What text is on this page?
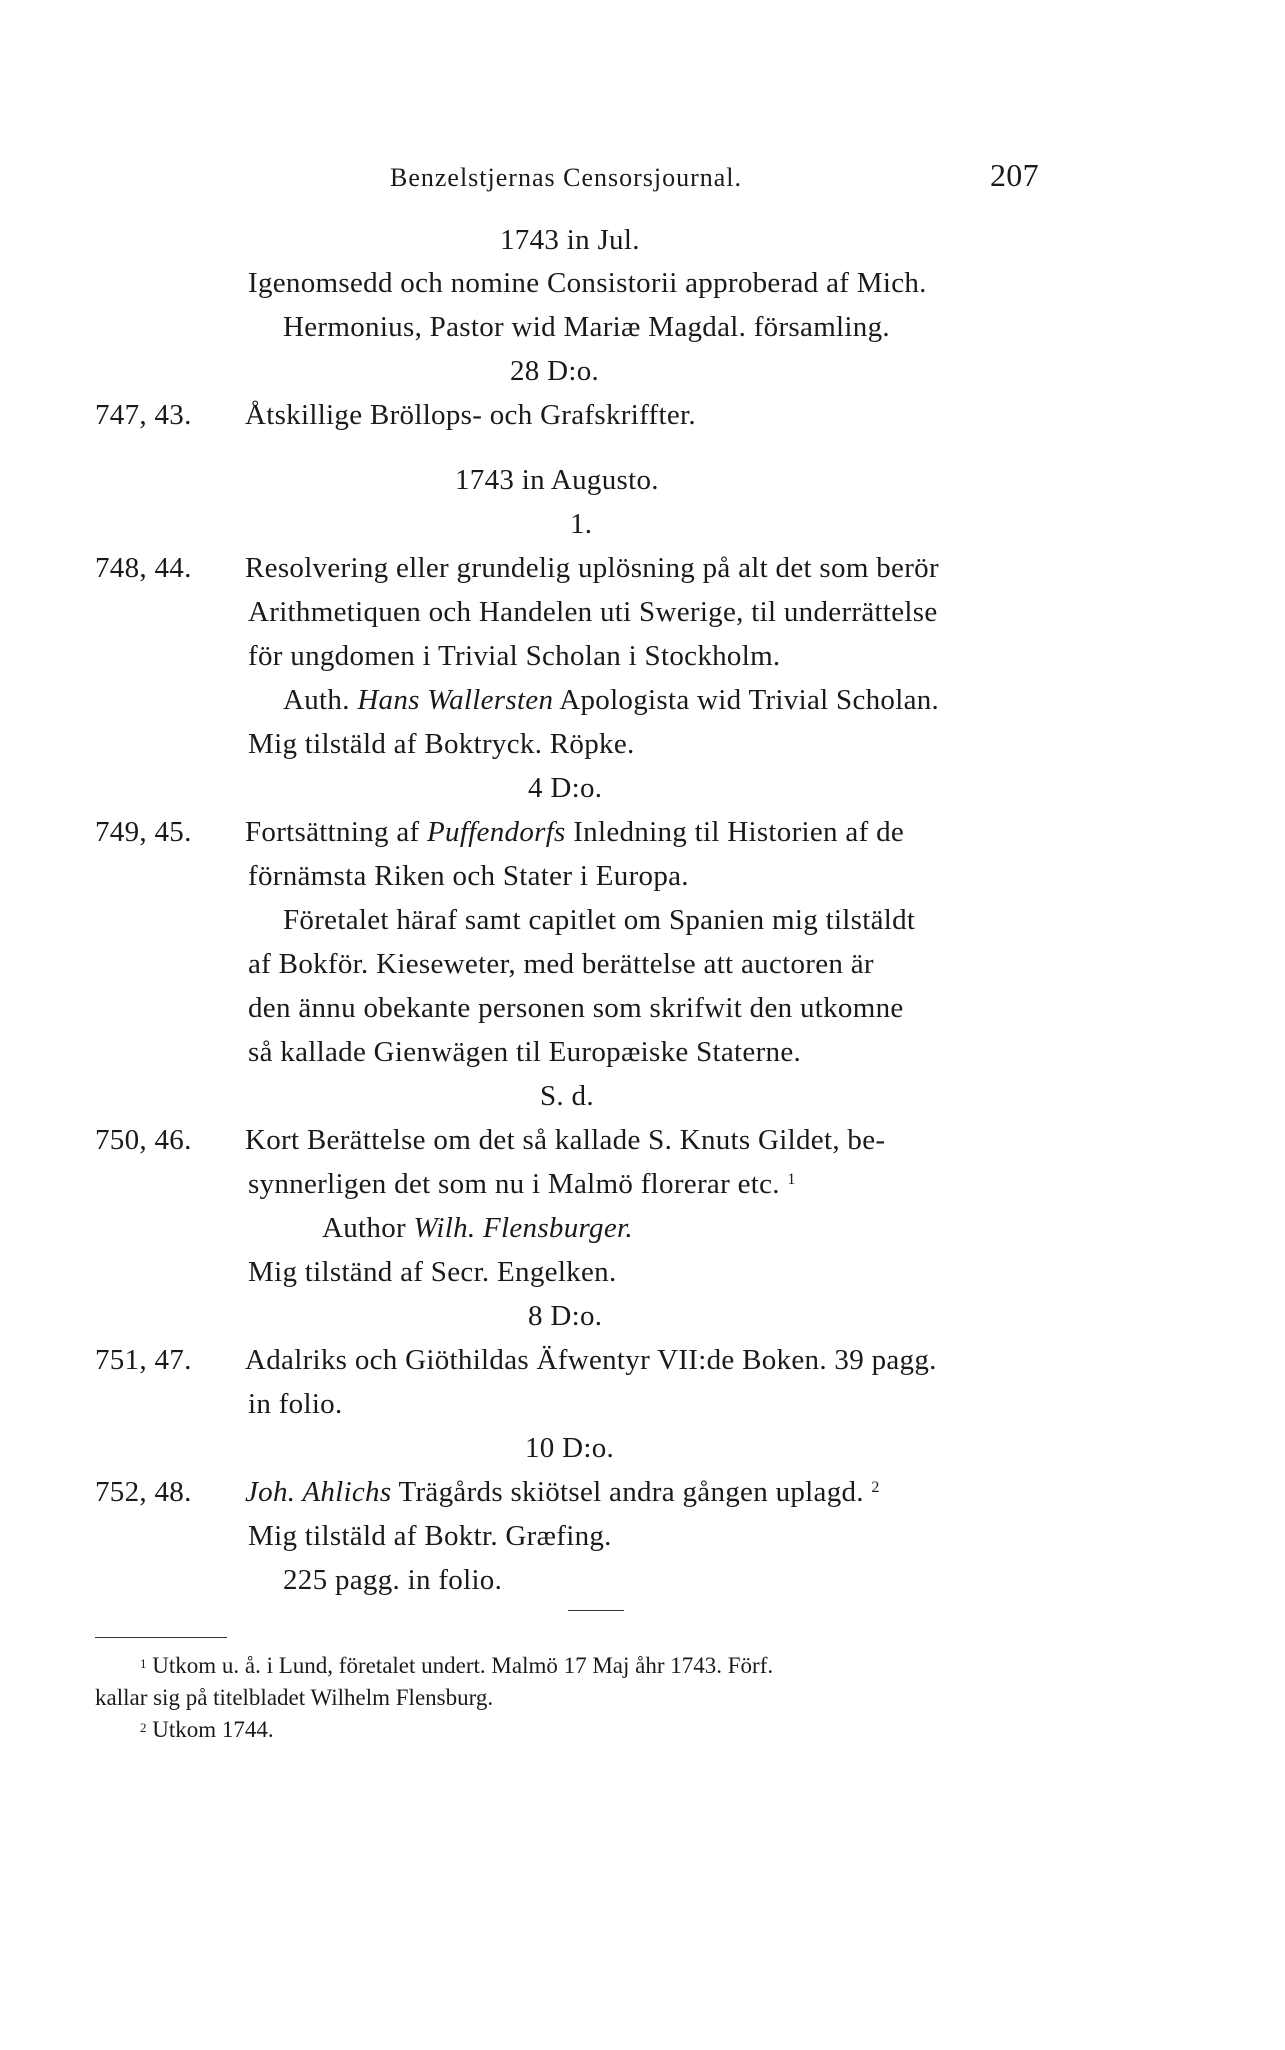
Benzelstjernas Censorsjournal.	207
1743 in Jul.
Igenomsedd och nomine Consistorii approberad af Mich.
Hermonius, Pastor wid Mariæ Magdal. församling.
28 D:o.
747, 43. Åtskillige Bröllops- och Grafskriffter.
1743 in Augusto.
1.
748, 44. Resolvering eller grundelig uplösning på alt det som berör
Arithmetiquen och Handelen uti Swerige, til underrättelse
för ungdomen i Trivial Scholan i Stockholm.
Auth. Hans Wallersten Apologista wid Trivial Scholan.
Mig tilstäld af Boktryck. Röpke.
4 D:o.
749, 45. Fortsättning af Puffendorfs Inledning til Historien af de
förnämsta Riken och Stater i Europa.
Företalet häraf samt capitlet om Spanien mig tilstäldt
af Bokför. Kieseweter, med berättelse att auctoren är
den ännu obekante personen som skrifwit den utkomne
så kallade Gienwägen til Europæiske Staterne.
S. d.
750, 46. Kort Berättelse om det så kallade S. Knuts Gildet, be-
synnerligen det som nu i Malmö florerar etc. $^1$
Author Wilh. Flensburger.
Mig tilständ af Secr. Engelken.
8 D:o.
751, 47. Adalriks och Giöthildas Äfwentyr VII:de Boken. 39 pagg.
in folio.
10 D:o.
752, 48. Joh. Ahlichs Trägårds skiötsel andra gången uplagd. $^2$
Mig tilstäld af Boktr. Græfing.
225 pagg. in folio.
$^1$ Utkom u. å. i Lund, företalet undert. Malmö 17 Maj åhr 1743. Förf.
kallar sig på titelbladet Wilhelm Flensburg.
$^2$ Utkom 1744.
